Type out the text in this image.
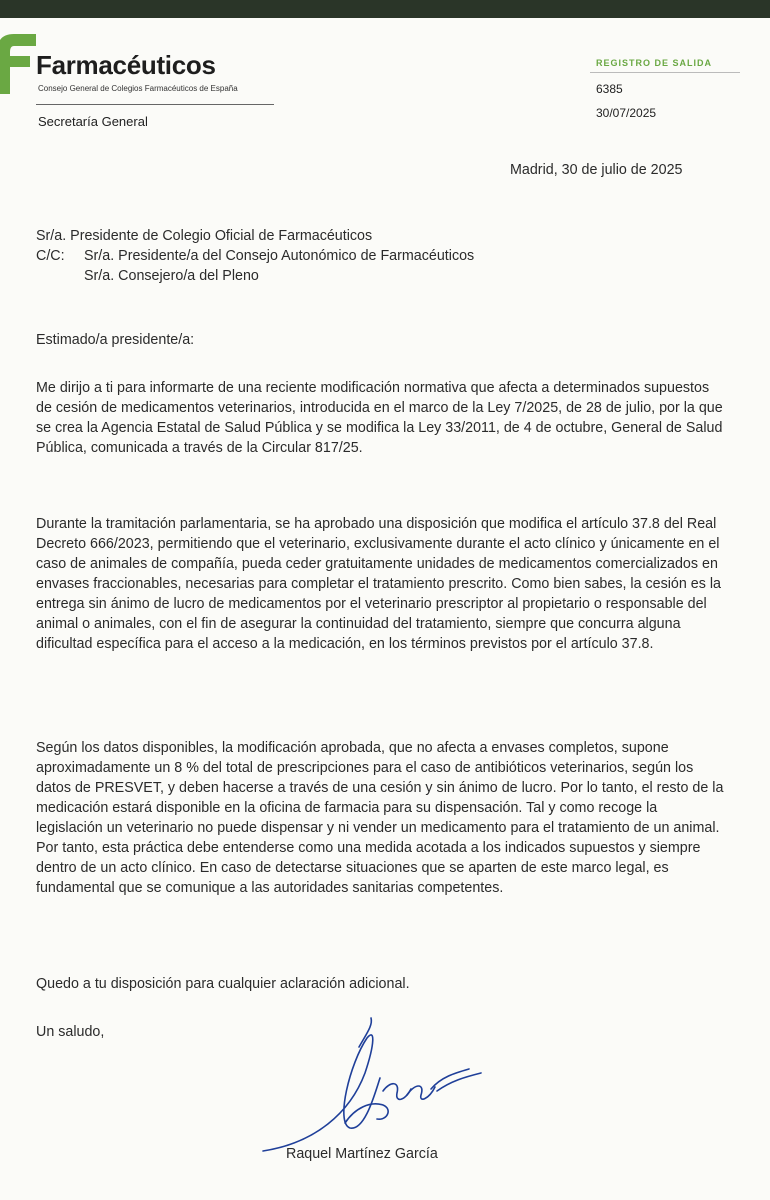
Farmacéuticos
Consejo General de Colegios Farmacéuticos de España
Secretaría General
REGISTRO DE SALIDA
6385
30/07/2025
Madrid, 30 de julio de 2025
Sr/a. Presidente de Colegio Oficial de Farmacéuticos
C/C:	Sr/a. Presidente/a del Consejo Autonómico de Farmacéuticos
Sr/a. Consejero/a del Pleno
Estimado/a presidente/a:

Me dirijo a ti para informarte de una reciente modificación normativa que afecta a determinados supuestos de cesión de medicamentos veterinarios, introducida en el marco de la Ley 7/2025, de 28 de julio, por la que se crea la Agencia Estatal de Salud Pública y se modifica la Ley 33/2011, de 4 de octubre, General de Salud Pública, comunicada a través de la Circular 817/25.

Durante la tramitación parlamentaria, se ha aprobado una disposición que modifica el artículo 37.8 del Real Decreto 666/2023, permitiendo que el veterinario, exclusivamente durante el acto clínico y únicamente en el caso de animales de compañía, pueda ceder gratuitamente unidades de medicamentos comercializados en envases fraccionables, necesarias para completar el tratamiento prescrito. Como bien sabes, la cesión es la entrega sin ánimo de lucro de medicamentos por el veterinario prescriptor al propietario o responsable del animal o animales, con el fin de asegurar la continuidad del tratamiento, siempre que concurra alguna dificultad específica para el acceso a la medicación, en los términos previstos por el artículo 37.8.

Según los datos disponibles, la modificación aprobada, que no afecta a envases completos, supone aproximadamente un 8 % del total de prescripciones para el caso de antibióticos veterinarios, según los datos de PRESVET, y deben hacerse a través de una cesión y sin ánimo de lucro. Por lo tanto, el resto de la medicación estará disponible en la oficina de farmacia para su dispensación. Tal y como recoge la legislación un veterinario no puede dispensar y ni vender un medicamento para el tratamiento de un animal. Por tanto, esta práctica debe entenderse como una medida acotada a los indicados supuestos y siempre dentro de un acto clínico. En caso de detectarse situaciones que se aparten de este marco legal, es fundamental que se comunique a las autoridades sanitarias competentes.

Quedo a tu disposición para cualquier aclaración adicional.
Un saludo,
Raquel Martínez García
